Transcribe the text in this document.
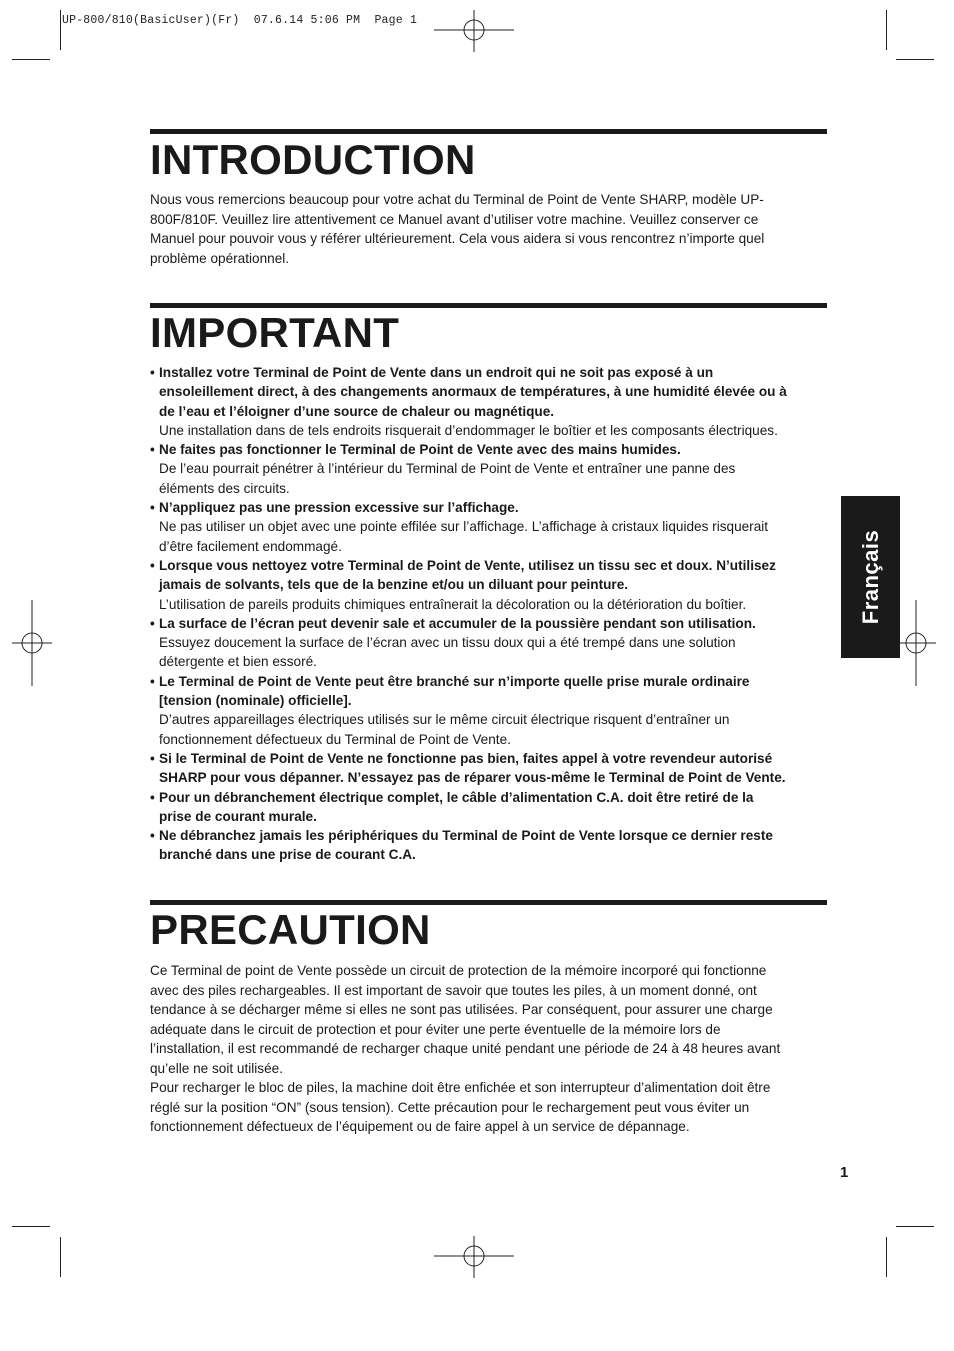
UP-800/810(BasicUser)(Fr)  07.6.14 5:06 PM  Page 1
INTRODUCTION
Nous vous remercions beaucoup pour votre achat du Terminal de Point de Vente SHARP, modèle UP-
800F/810F. Veuillez lire attentivement ce Manuel avant d’utiliser votre machine. Veuillez conserver ce
Manuel pour pouvoir vous y référer ultérieurement. Cela vous aidera si vous rencontrez n’importe quel
problème opérationnel.
IMPORTANT
• Installez votre Terminal de Point de Vente dans un endroit qui ne soit pas exposé à un
ensoleillement direct, à des changements anormaux de températures, à une humidité élevée ou à
de l’eau et l’éloigner d’une source de chaleur ou magnétique.
Une installation dans de tels endroits risquerait d’endommager le boîtier et les composants électriques.
• Ne faites pas fonctionner le Terminal de Point de Vente avec des mains humides.
De l’eau pourrait pénétrer à l’intérieur du Terminal de Point de Vente et entraîner une panne des
éléments des circuits.
• N’appliquez pas une pression excessive sur l’affichage.
Ne pas utiliser un objet avec une pointe effilée sur l’affichage. L’affichage à cristaux liquides risquerait
d’être facilement endommagé.
• Lorsque vous nettoyez votre Terminal de Point de Vente, utilisez un tissu sec et doux. N’utilisez
jamais de solvants, tels que de la benzine et/ou un diluant pour peinture.
L’utilisation de pareils produits chimiques entraînerait la décoloration ou la détérioration du boîtier.
• La surface de l’écran peut devenir sale et accumuler de la poussière pendant son utilisation.
Essuyez doucement la surface de l’écran avec un tissu doux qui a été trempé dans une solution
détergente et bien essoré.
• Le Terminal de Point de Vente peut être branché sur n’importe quelle prise murale ordinaire
[tension (nominale) officielle].
D’autres appareillages électriques utilisés sur le même circuit électrique risquent d’entraîner un
fonctionnement défectueux du Terminal de Point de Vente.
• Si le Terminal de Point de Vente ne fonctionne pas bien, faites appel à votre revendeur autorisé
SHARP pour vous dépanner. N’essayez pas de réparer vous-même le Terminal de Point de Vente.
• Pour un débranchement électrique complet, le câble d’alimentation C.A. doit être retiré de la
prise de courant murale.
• Ne débranchez jamais les périphériques du Terminal de Point de Vente lorsque ce dernier reste
branché dans une prise de courant C.A.
PRECAUTION
Ce Terminal de point de Vente possède un circuit de protection de la mémoire incorporé qui fonctionne
avec des piles rechargeables. Il est important de savoir que toutes les piles, à un moment donné, ont
tendance à se décharger même si elles ne sont pas utilisées. Par conséquent, pour assurer une charge
adéquate dans le circuit de protection et pour éviter une perte éventuelle de la mémoire lors de
l’installation, il est recommandé de recharger chaque unité pendant une période de 24 à 48 heures avant
qu’elle ne soit utilisée.
Pour recharger le bloc de piles, la machine doit être enfichée et son interrupteur d’alimentation doit être
réglé sur la position “ON” (sous tension). Cette précaution pour le rechargement peut vous éviter un
fonctionnement défectueux de l’équipement ou de faire appel à un service de dépannage.
Français
1
